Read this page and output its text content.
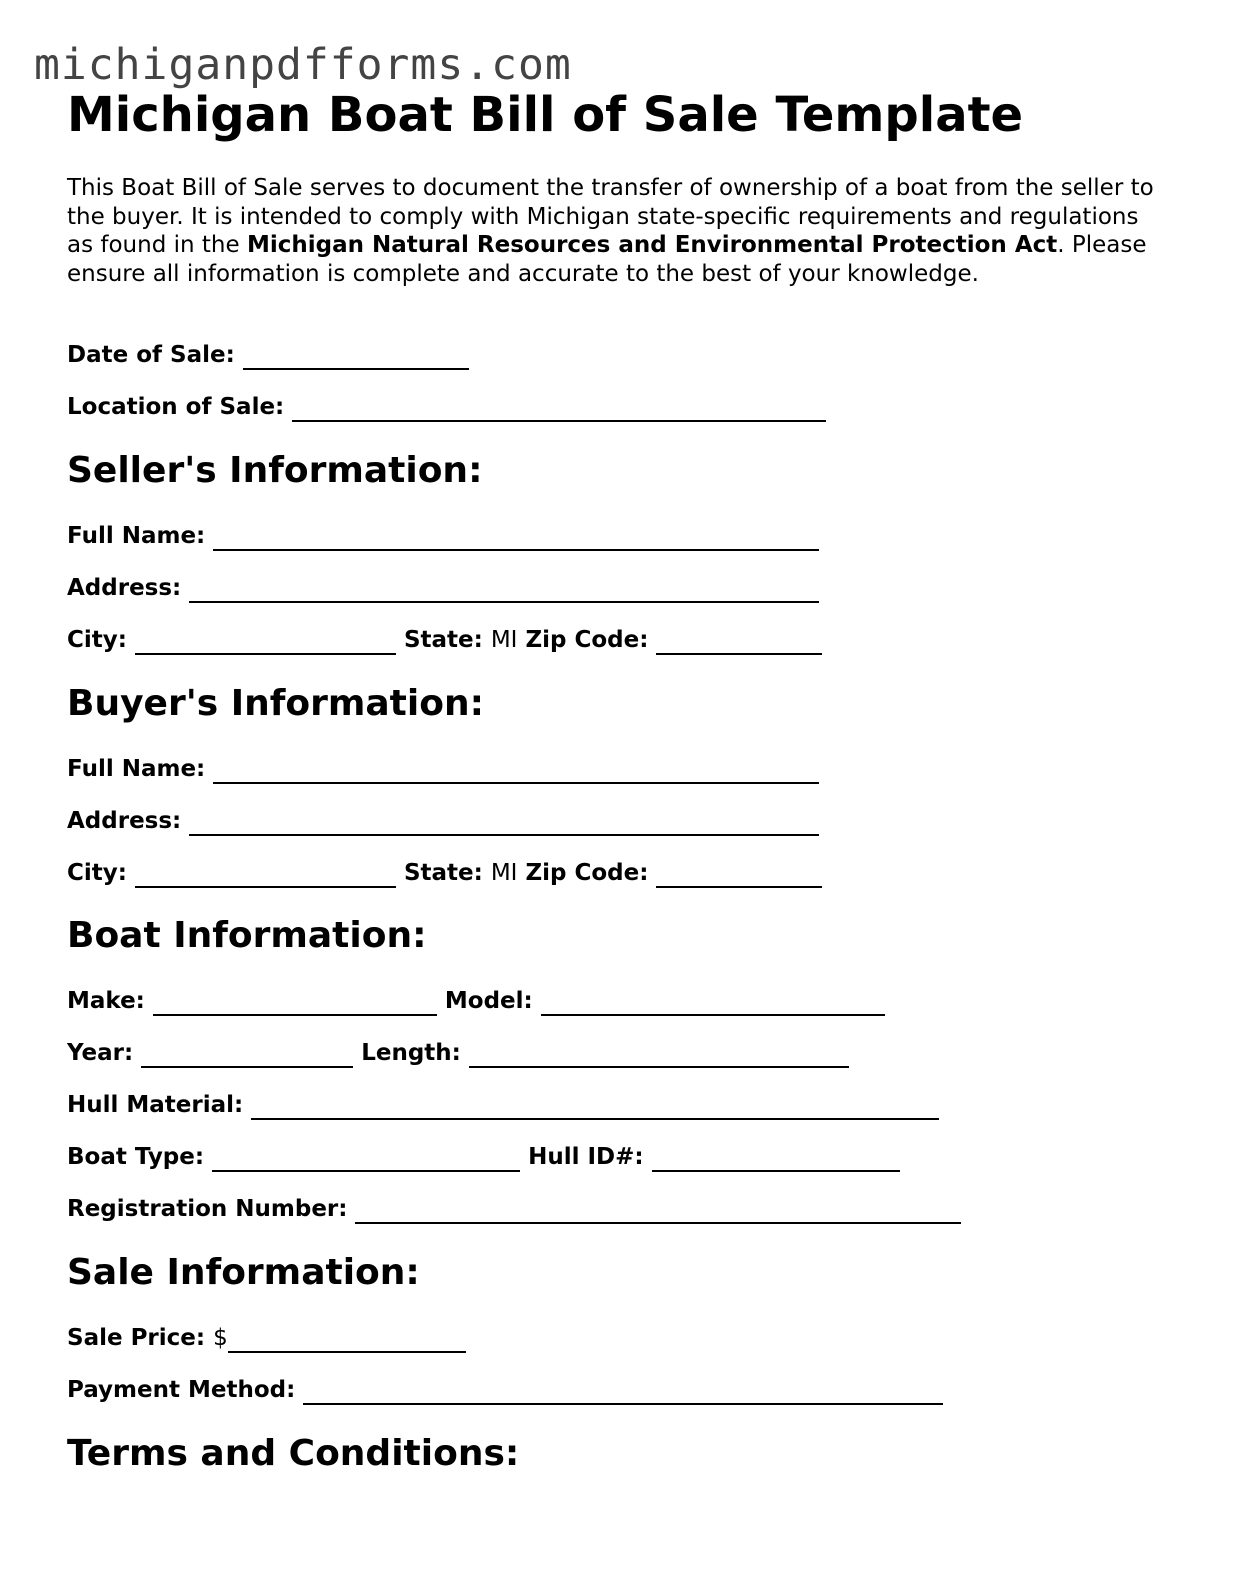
michiganpdfforms.com
Michigan Boat Bill of Sale Template

This Boat Bill of Sale serves to document the transfer of ownership of a boat from the seller to the buyer. It is intended to comply with Michigan state-specific requirements and regulations as found in the Michigan Natural Resources and Environmental Protection Act. Please ensure all information is complete and accurate to the best of your knowledge.

Date of Sale:
Location of Sale:
Seller's Information:
Full Name:
Address:
City:	State: MI Zip Code:
Buyer's Information:
Full Name:
Address:
City:	State: MI Zip Code:
Boat Information:
Make:	Model:
Year:	Length:
Hull Material:
Boat Type:	Hull ID#:
Registration Number:
Sale Information:
Sale Price: $
Payment Method:
Terms and Conditions:
